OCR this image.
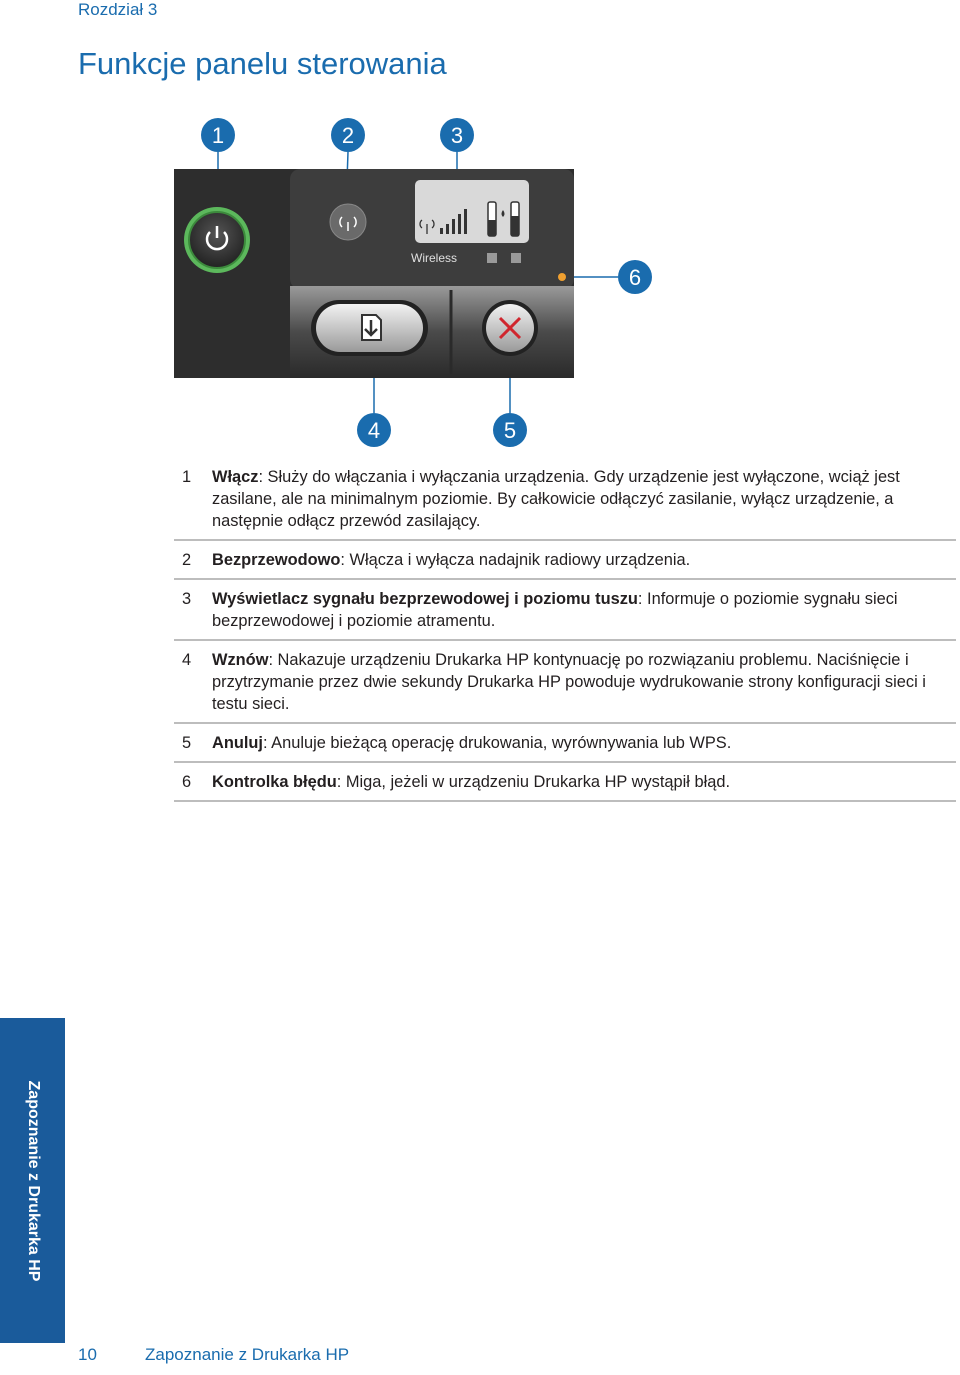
Rozdział 3
Funkcje panelu sterowania
Wireless
1	2	3
6
4	5
1	Włącz: Służy do włączania i wyłączania urządzenia. Gdy urządzenie jest wyłączone, wciąż jest zasilane, ale na minimalnym poziomie. By całkowicie odłączyć zasilanie, wyłącz urządzenie, a następnie odłącz przewód zasilający.
2	Bezprzewodowo: Włącza i wyłącza nadajnik radiowy urządzenia.
3	Wyświetlacz sygnału bezprzewodowej i poziomu tuszu: Informuje o poziomie sygnału sieci bezprzewodowej i poziomie atramentu.
4	Wznów: Nakazuje urządzeniu Drukarka HP kontynuację po rozwiązaniu problemu. Naciśnięcie i przytrzymanie przez dwie sekundy Drukarka HP powoduje wydrukowanie strony konfiguracji sieci i testu sieci.
5	Anuluj: Anuluje bieżącą operację drukowania, wyrównywania lub WPS.
6	Kontrolka błędu: Miga, jeżeli w urządzeniu Drukarka HP wystąpił błąd.
Zapoznanie z Drukarka HP
10	Zapoznanie z Drukarka HP
